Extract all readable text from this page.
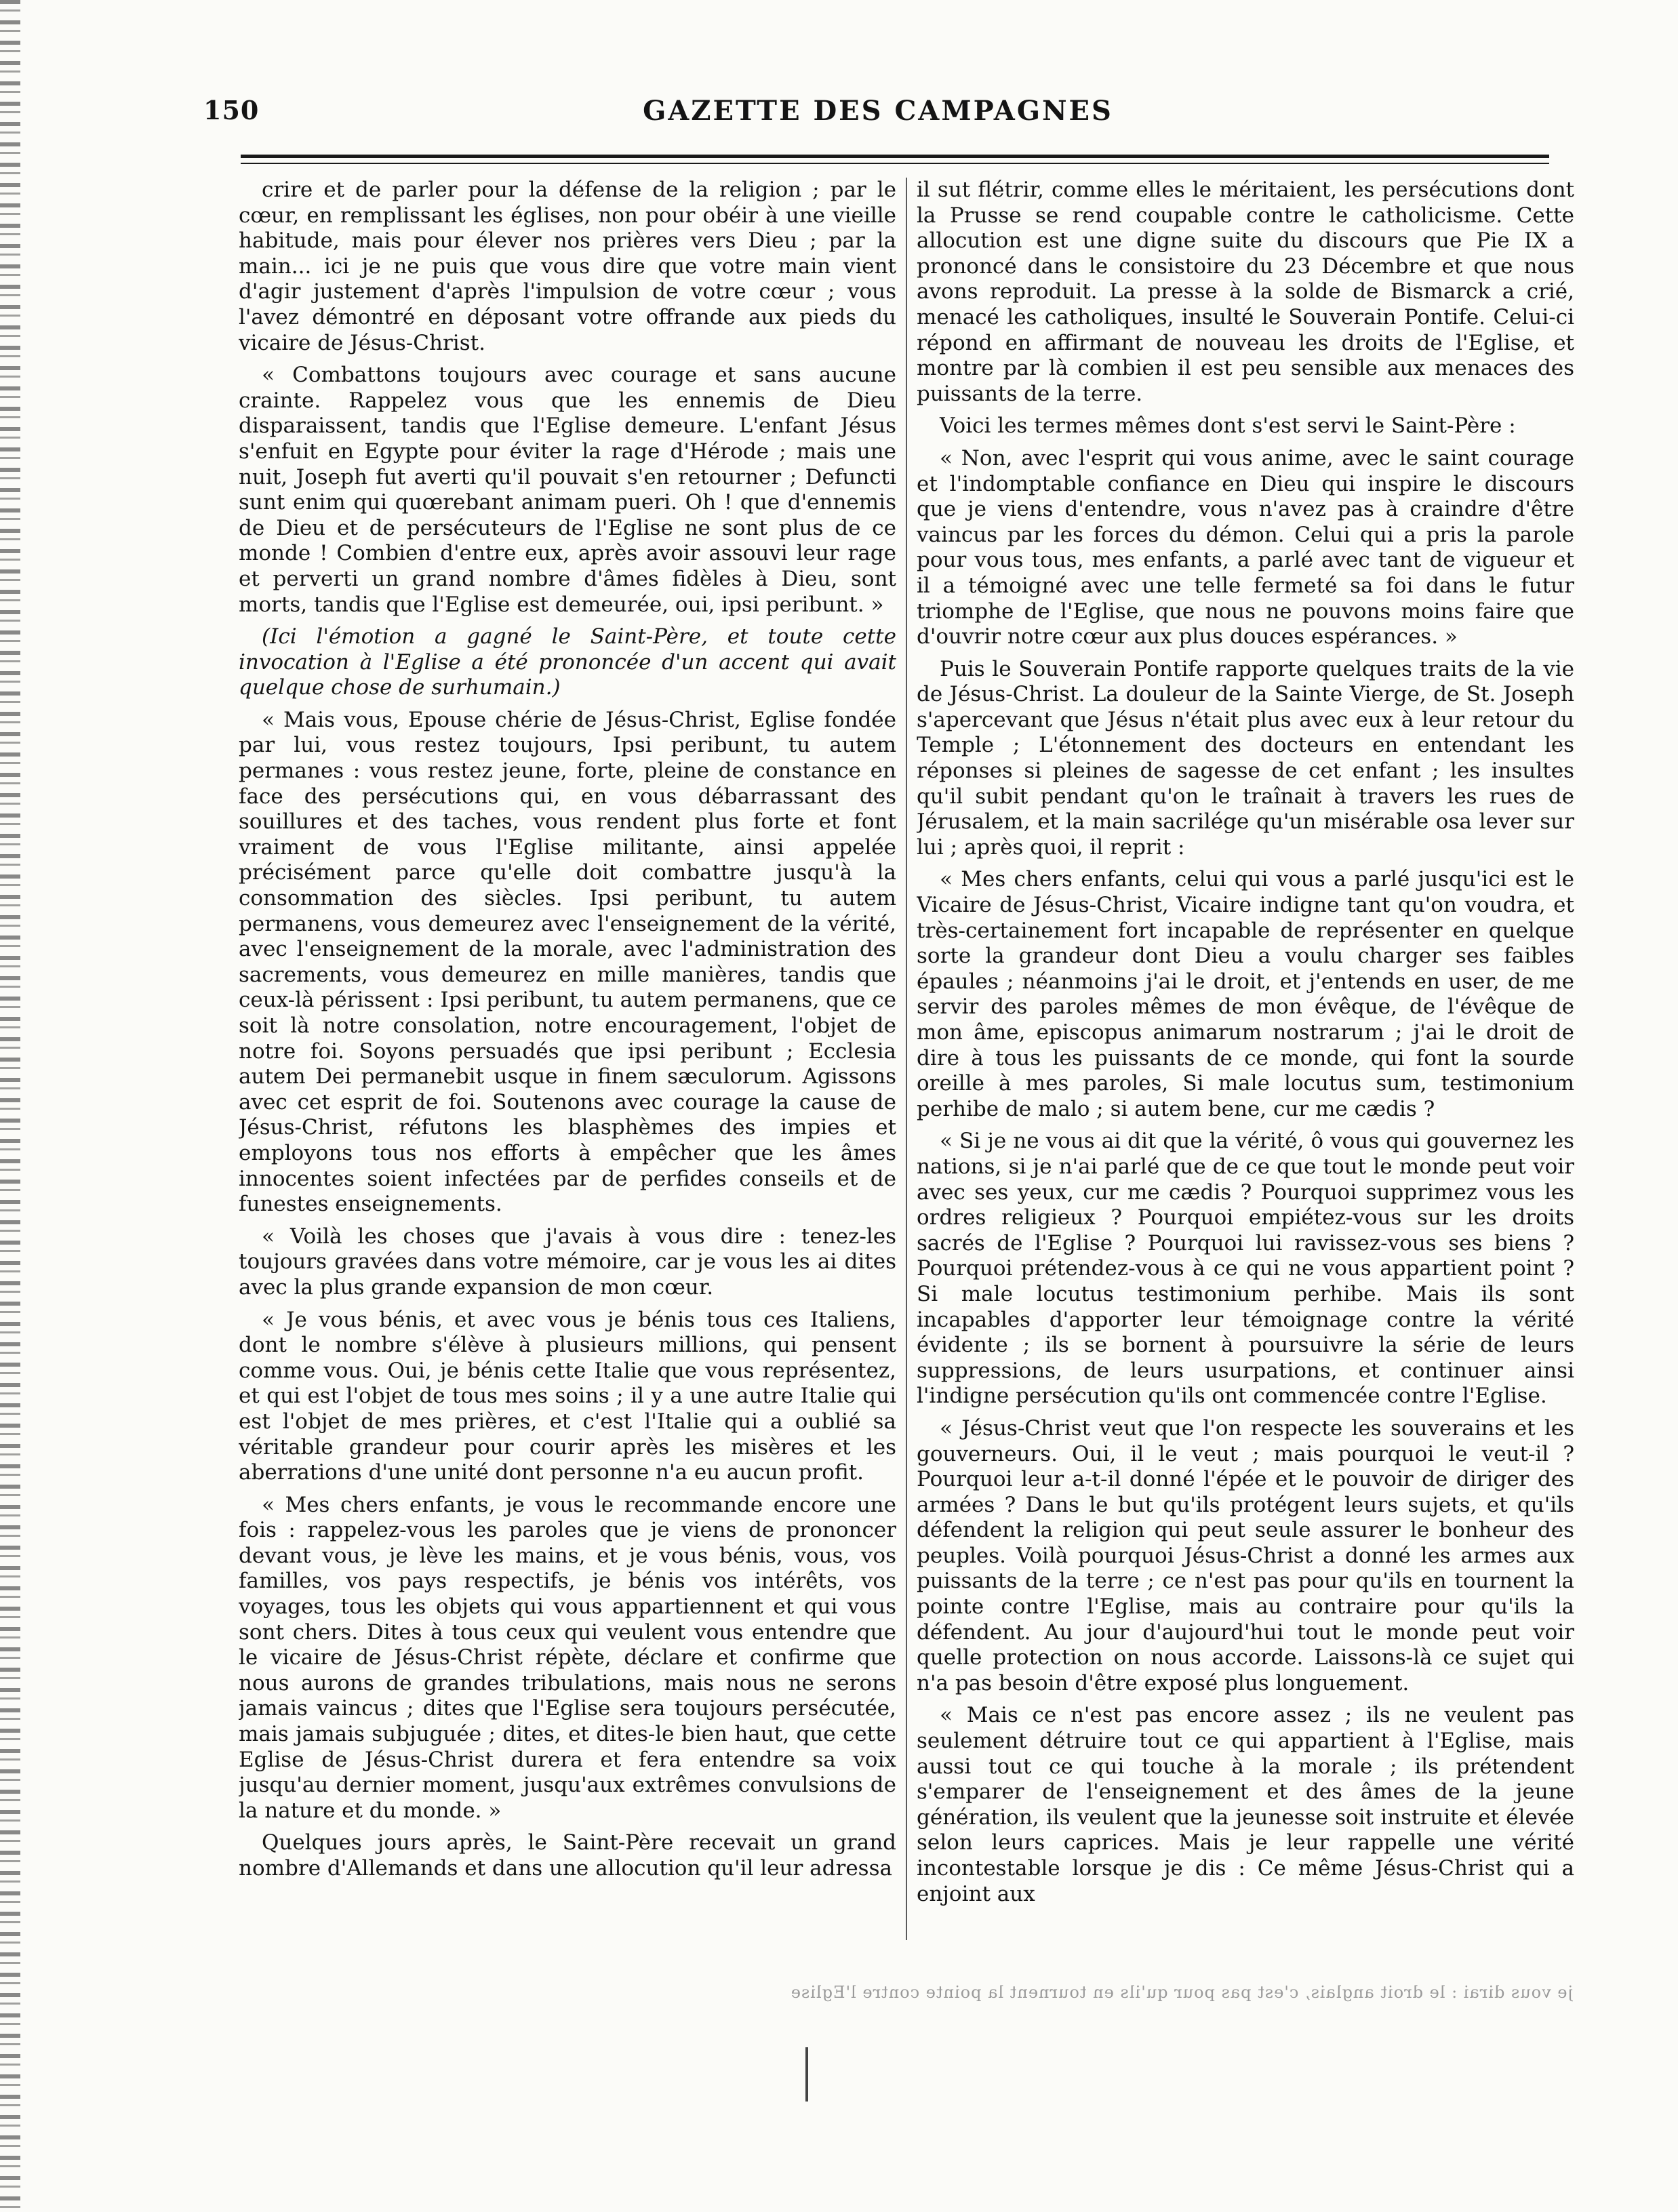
150	GAZETTE DES CAMPAGNES

crire et de parler pour la défense de la religion ; par le cœur, en remplissant les églises, non pour obéir à une vieille habitude, mais pour élever nos prières vers Dieu ; par la main... ici je ne puis que vous dire que votre main vient d'agir justement d'après l'impulsion de votre cœur ; vous l'avez démontré en déposant votre offrande aux pieds du vicaire de Jésus-Christ.

« Combattons toujours avec courage et sans aucune crainte. Rappelez vous que les ennemis de Dieu disparaissent, tandis que l'Eglise demeure. L'enfant Jésus s'enfuit en Egypte pour éviter la rage d'Hérode ; mais une nuit, Joseph fut averti qu'il pouvait s'en retourner ; Defuncti sunt enim qui quœrebant animam pueri. Oh ! que d'ennemis de Dieu et de persécuteurs de l'Eglise ne sont plus de ce monde ! Combien d'entre eux, après avoir assouvi leur rage et perverti un grand nombre d'âmes fidèles à Dieu, sont morts, tandis que l'Eglise est demeurée, oui, ipsi peribunt. »

(Ici l'émotion a gagné le Saint-Père, et toute cette invocation à l'Eglise a été prononcée d'un accent qui avait quelque chose de surhumain.)

« Mais vous, Epouse chérie de Jésus-Christ, Eglise fondée par lui, vous restez toujours, Ipsi peribunt, tu autem permanes : vous restez jeune, forte, pleine de constance en face des persécutions qui, en vous débarrassant des souillures et des taches, vous rendent plus forte et font vraiment de vous l'Eglise militante, ainsi appelée précisément parce qu'elle doit combattre jusqu'à la consommation des siècles. Ipsi peribunt, tu autem permanens, vous demeurez avec l'enseignement de la vérité, avec l'enseignement de la morale, avec l'administration des sacrements, vous demeurez en mille manières, tandis que ceux-là périssent : Ipsi peribunt, tu autem permanens, que ce soit là notre consolation, notre encouragement, l'objet de notre foi. Soyons persuadés que ipsi peribunt ; Ecclesia autem Dei permanebit usque in finem sæculorum. Agissons avec cet esprit de foi. Soutenons avec courage la cause de Jésus-Christ, réfutons les blasphèmes des impies et employons tous nos efforts à empêcher que les âmes innocentes soient infectées par de perfides conseils et de funestes enseignements.

« Voilà les choses que j'avais à vous dire : tenez-les toujours gravées dans votre mémoire, car je vous les ai dites avec la plus grande expansion de mon cœur.

« Je vous bénis, et avec vous je bénis tous ces Italiens, dont le nombre s'élève à plusieurs millions, qui pensent comme vous. Oui, je bénis cette Italie que vous représentez, et qui est l'objet de tous mes soins ; il y a une autre Italie qui est l'objet de mes prières, et c'est l'Italie qui a oublié sa véritable grandeur pour courir après les misères et les aberrations d'une unité dont personne n'a eu aucun profit.

« Mes chers enfants, je vous le recommande encore une fois : rappelez-vous les paroles que je viens de prononcer devant vous, je lève les mains, et je vous bénis, vous, vos familles, vos pays respectifs, je bénis vos intérêts, vos voyages, tous les objets qui vous appartiennent et qui vous sont chers. Dites à tous ceux qui veulent vous entendre que le vicaire de Jésus-Christ répète, déclare et confirme que nous aurons de grandes tribulations, mais nous ne serons jamais vaincus ; dites que l'Eglise sera toujours persécutée, mais jamais subjuguée ; dites, et dites-le bien haut, que cette Eglise de Jésus-Christ durera et fera entendre sa voix jusqu'au dernier moment, jusqu'aux extrêmes convulsions de la nature et du monde. »

Quelques jours après, le Saint-Père recevait un grand nombre d'Allemands et dans une allocution qu'il leur adressa

il sut flétrir, comme elles le méritaient, les persécutions dont la Prusse se rend coupable contre le catholicisme. Cette allocution est une digne suite du discours que Pie IX a prononcé dans le consistoire du 23 Décembre et que nous avons reproduit. La presse à la solde de Bismarck a crié, menacé les catholiques, insulté le Souverain Pontife. Celui-ci répond en affirmant de nouveau les droits de l'Eglise, et montre par là combien il est peu sensible aux menaces des puissants de la terre.

Voici les termes mêmes dont s'est servi le Saint-Père :

« Non, avec l'esprit qui vous anime, avec le saint courage et l'indomptable confiance en Dieu qui inspire le discours que je viens d'entendre, vous n'avez pas à craindre d'être vaincus par les forces du démon. Celui qui a pris la parole pour vous tous, mes enfants, a parlé avec tant de vigueur et il a témoigné avec une telle fermeté sa foi dans le futur triomphe de l'Eglise, que nous ne pouvons moins faire que d'ouvrir notre cœur aux plus douces espérances. »

Puis le Souverain Pontife rapporte quelques traits de la vie de Jésus-Christ. La douleur de la Sainte Vierge, de St. Joseph s'apercevant que Jésus n'était plus avec eux à leur retour du Temple ; L'étonnement des docteurs en entendant les réponses si pleines de sagesse de cet enfant ; les insultes qu'il subit pendant qu'on le traînait à travers les rues de Jérusalem, et la main sacrilége qu'un misérable osa lever sur lui ; après quoi, il reprit :

« Mes chers enfants, celui qui vous a parlé jusqu'ici est le Vicaire de Jésus-Christ, Vicaire indigne tant qu'on voudra, et très-certainement fort incapable de représenter en quelque sorte la grandeur dont Dieu a voulu charger ses faibles épaules ; néanmoins j'ai le droit, et j'entends en user, de me servir des paroles mêmes de mon évêque, de l'évêque de mon âme, episcopus animarum nostrarum ; j'ai le droit de dire à tous les puissants de ce monde, qui font la sourde oreille à mes paroles, Si male locutus sum, testimonium perhibe de malo ; si autem bene, cur me cædis ?

« Si je ne vous ai dit que la vérité, ô vous qui gouvernez les nations, si je n'ai parlé que de ce que tout le monde peut voir avec ses yeux, cur me cædis ? Pourquoi supprimez vous les ordres religieux ? Pourquoi empiétez-vous sur les droits sacrés de l'Eglise ? Pourquoi lui ravissez-vous ses biens ? Pourquoi prétendez-vous à ce qui ne vous appartient point ? Si male locutus testimonium perhibe. Mais ils sont incapables d'apporter leur témoignage contre la vérité évidente ; ils se bornent à poursuivre la série de leurs suppressions, de leurs usurpations, et continuer ainsi l'indigne persécution qu'ils ont commencée contre l'Eglise.

« Jésus-Christ veut que l'on respecte les souverains et les gouverneurs. Oui, il le veut ; mais pourquoi le veut-il ? Pourquoi leur a-t-il donné l'épée et le pouvoir de diriger des armées ? Dans le but qu'ils protégent leurs sujets, et qu'ils défendent la religion qui peut seule assurer le bonheur des peuples. Voilà pourquoi Jésus-Christ a donné les armes aux puissants de la terre ; ce n'est pas pour qu'ils en tournent la pointe contre l'Eglise, mais au contraire pour qu'ils la défendent. Au jour d'aujourd'hui tout le monde peut voir quelle protection on nous accorde. Laissons-là ce sujet qui n'a pas besoin d'être exposé plus longuement.

« Mais ce n'est pas encore assez ; ils ne veulent pas seulement détruire tout ce qui appartient à l'Eglise, mais aussi tout ce qui touche à la morale ; ils prétendent s'emparer de l'enseignement et des âmes de la jeune génération, ils veulent que la jeunesse soit instruite et élevée selon leurs caprices. Mais je leur rappelle une vérité incontestable lorsque je dis : Ce même Jésus-Christ qui a enjoint aux

je vous dirai : le droit anglais, c'est pas pour qu'ils en tournent la pointe contre l'Eglise
